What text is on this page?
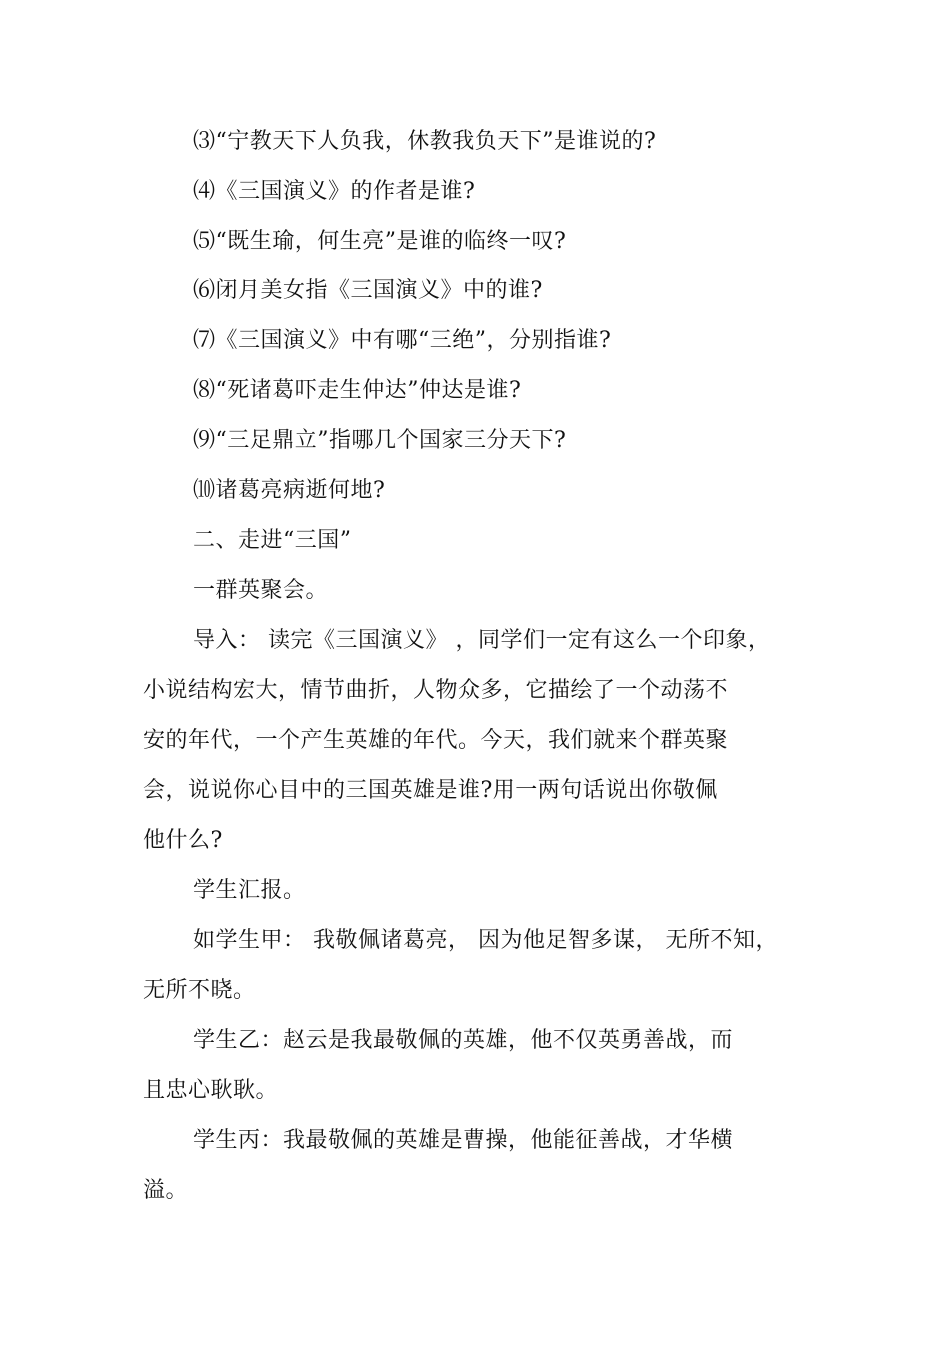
⑶“宁教天下人负我，休教我负天下”是谁说的?
⑷《三国演义》的作者是谁?
⑸“既生瑜，何生亮”是谁的临终一叹?
⑹闭月美女指《三国演义》中的谁?
⑺《三国演义》中有哪“三绝”，分别指谁?
⑻“死诸葛吓走生仲达”仲达是谁?
⑼“三足鼎立”指哪几个国家三分天下?
⑽诸葛亮病逝何地?
二、走进“三国”
一群英聚会。
导入： 读完《三国演义》 ，同学们一定有这么一个印象，
小说结构宏大，情节曲折，人物众多，它描绘了一个动荡不
安的年代，一个产生英雄的年代。今天，我们就来个群英聚
会，说说你心目中的三国英雄是谁?用一两句话说出你敬佩
他什么?
学生汇报。
如学生甲： 我敬佩诸葛亮， 因为他足智多谋， 无所不知，
无所不晓。
学生乙：赵云是我最敬佩的英雄，他不仅英勇善战，而
且忠心耿耿。
学生丙：我最敬佩的英雄是曹操，他能征善战，才华横
溢。
